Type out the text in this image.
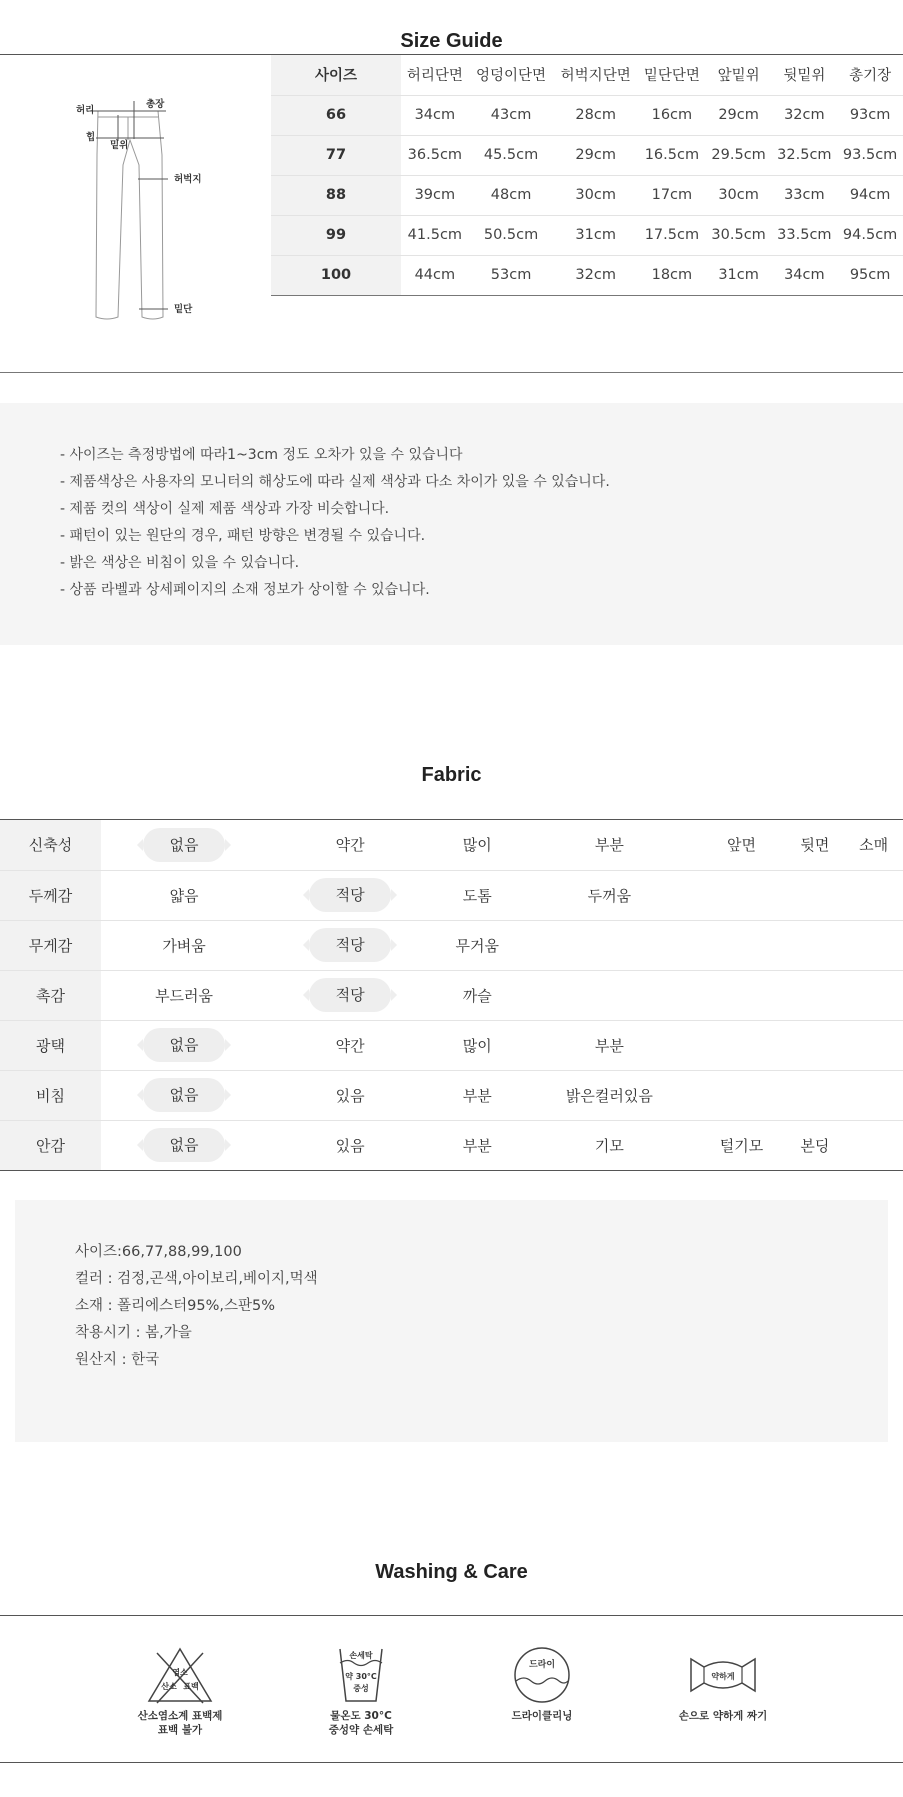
Size Guide
허리
총장
힙
밑위
허벅지
밑단
사이즈	허리단면	엉덩이단면	허벅지단면	밑단단면	앞밑위	뒷밑위	총기장
66	34cm	43cm	28cm	16cm	29cm	32cm	93cm
77	36.5cm	45.5cm	29cm	16.5cm	29.5cm	32.5cm	93.5cm
88	39cm	48cm	30cm	17cm	30cm	33cm	94cm
99	41.5cm	50.5cm	31cm	17.5cm	30.5cm	33.5cm	94.5cm
100	44cm	53cm	32cm	18cm	31cm	34cm	95cm
- 사이즈는 측정방법에 따라1~3cm 정도 오차가 있을 수 있습니다
- 제품색상은 사용자의 모니터의 해상도에 따라 실제 색상과 다소 차이가 있을 수 있습니다.
- 제품 컷의 색상이 실제 제품 색상과 가장 비슷합니다.
- 패턴이 있는 원단의 경우, 패턴 방향은 변경될 수 있습니다.
- 밝은 색상은 비침이 있을 수 있습니다.
- 상품 라벨과 상세페이지의 소재 정보가 상이할 수 있습니다.
Fabric
신축성	없음	약간	많이	부분	앞면	뒷면	소매
두께감	얇음	적당	도톰	두꺼움			
무게감	가벼움	적당	무거움				
촉감	부드러움	적당	까슬				
광택	없음	약간	많이	부분			
비침	없음	있음	부분	밝은컬러있음			
안감	없음	있음	부분	기모	털기모	본딩	
사이즈:66,77,88,99,100
컬러 : 검정,곤색,아이보리,베이지,먹색
소재 : 폴리에스터95%,스판5%
착용시기 : 봄,가을
원산지 : 한국
Washing & Care
염소
산소 표백
산소염소계 표백제
표백 불가
손세탁
약 30°C
중성
물온도 30°C
중성약 손세탁
드라이
드라이클리닝
약하게
손으로 약하게 짜기
